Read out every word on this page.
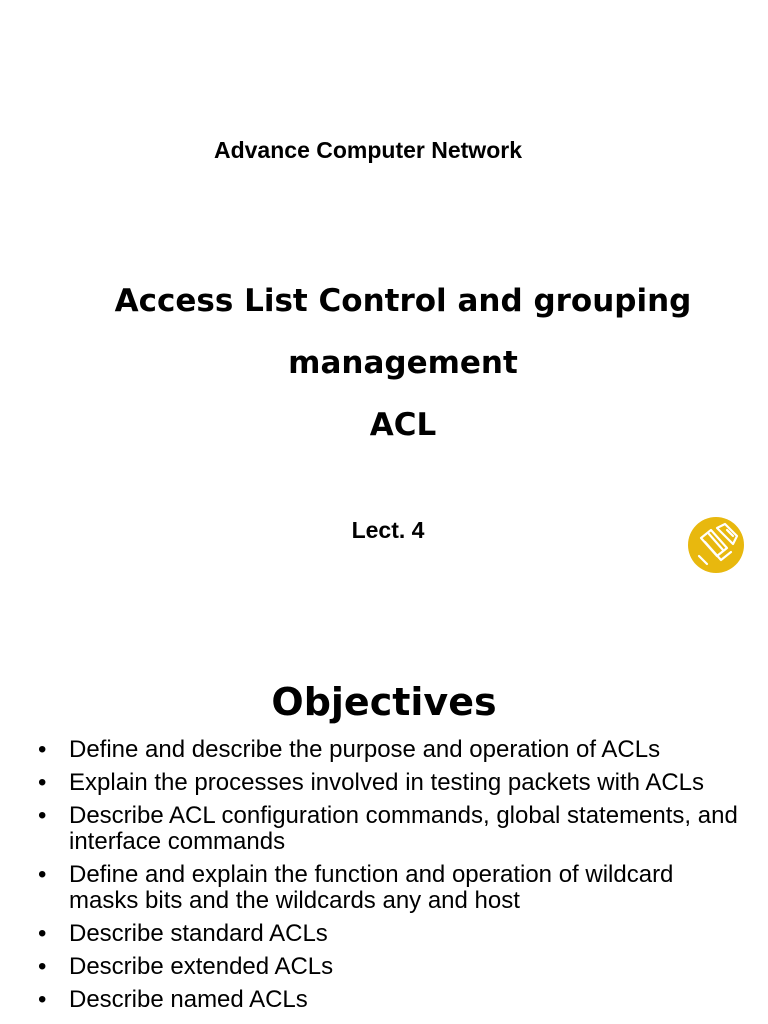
Advance Computer Network
Access List Control and grouping
management
ACL
Lect. 4
Objectives
• Define and describe the purpose and operation of ACLs
• Explain the processes involved in testing packets with ACLs
• Describe ACL configuration commands, global statements, and interface commands
• Define and explain the function and operation of wildcard masks bits and the wildcards any and host
• Describe standard ACLs
• Describe extended ACLs
• Describe named ACLs
